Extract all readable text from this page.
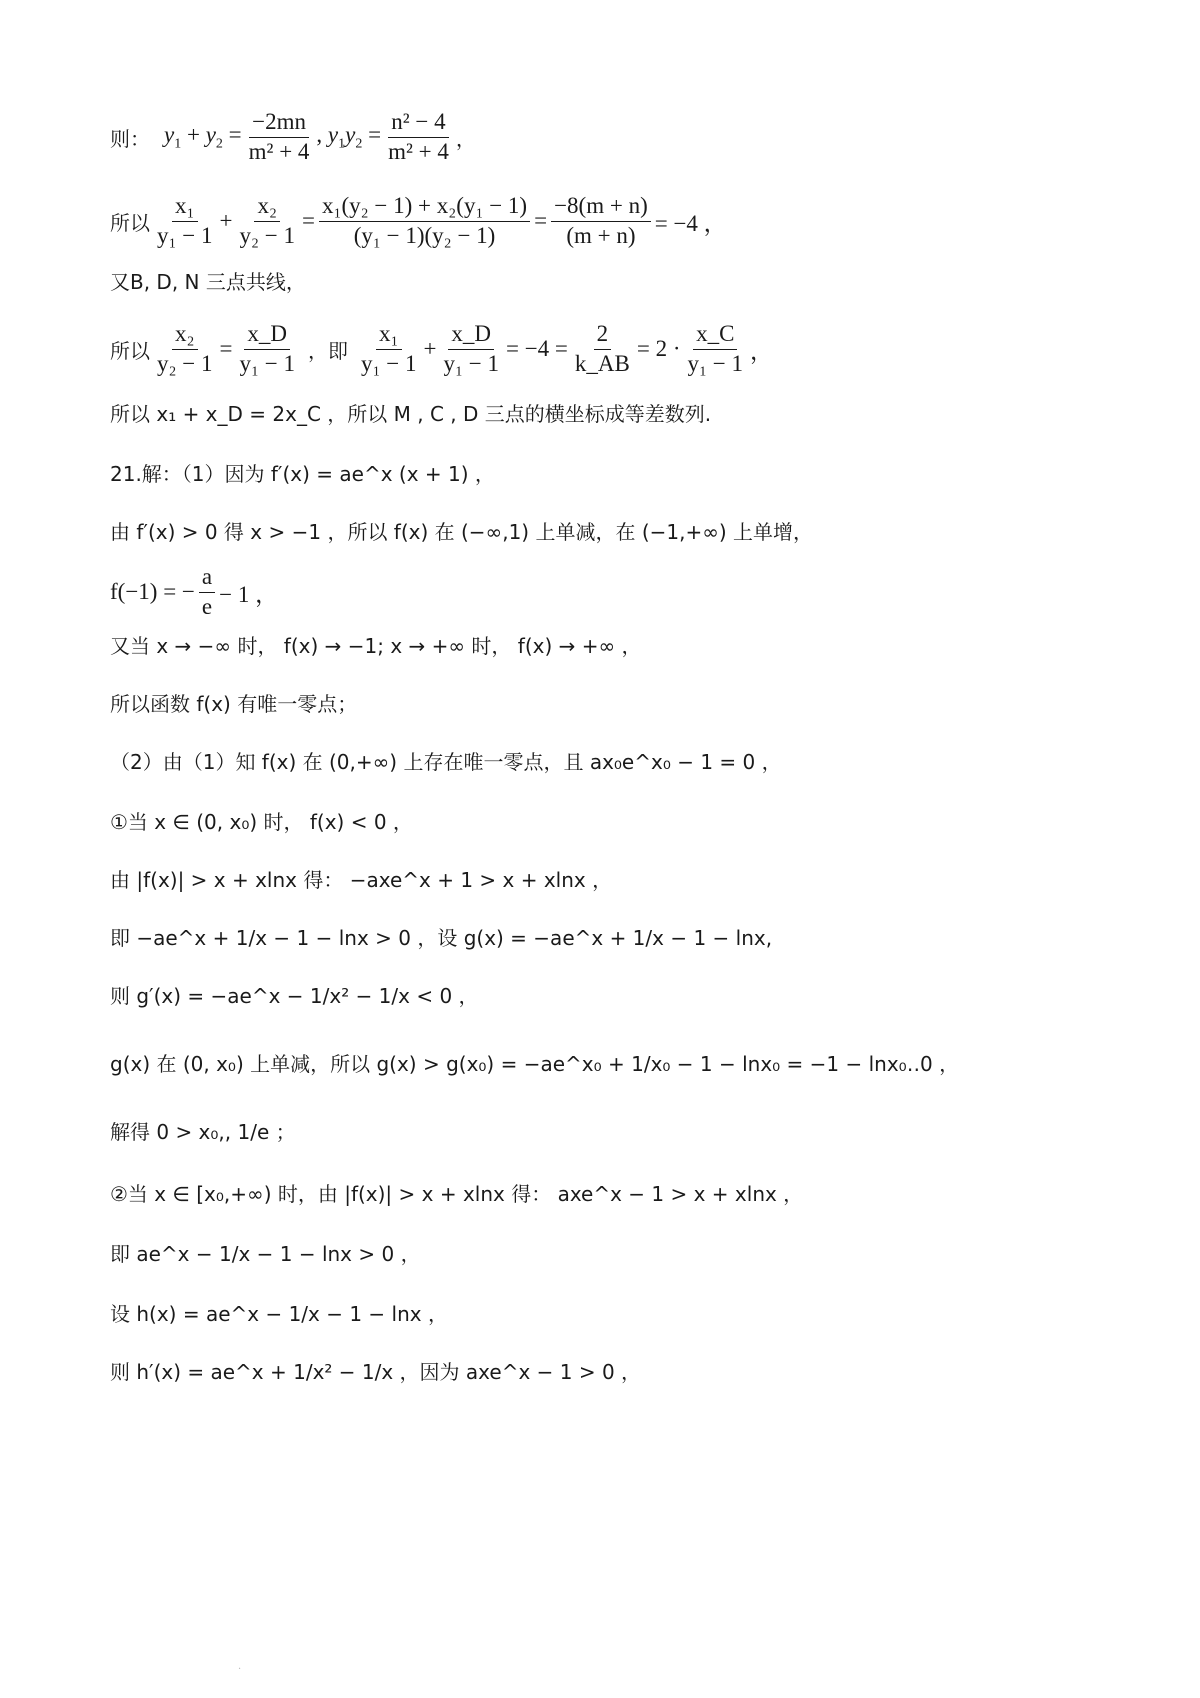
则： $y_1 + y_2 = \frac{-2mn}{\text{m² + 4}}$ , $y_1y_2 = \frac{\text{n² − 4}}{\text{m² + 4}}$ ，
所以 $\frac{\text{x₁}}{\text{y₁ − 1}} + \frac{\text{x₂}}{\text{y₂ − 1}} = \frac{\text{x₁(y₂ − 1) + x₂(y₁ − 1)}}{\text{(y₁ − 1)(y₂ − 1)}} = \frac{-8(m + n)}{(m + n)} = -4$ ，
又B, D, N 三点共线，
所以 $\frac{\text{x₂}}{\text{y₂ − 1}} = \frac{x\_D}{\text{y₁ − 1}}$ ，即 $\frac{\text{x₁}}{\text{y₁ − 1}} + \frac{x\_D}{\text{y₁ − 1}} = -4 = \frac{2}{k\_AB} = 2 \cdot \frac{x\_C}{\text{y₁ − 1}}$ ，
所以 x₁ + x_D = 2x_C ，所以 M , C , D 三点的横坐标成等差数列.
21.解：（1）因为 f′(x) = ae^x (x + 1) ，
由 f′(x) > 0 得 x > −1 ，所以 f(x) 在 (−∞,1) 上单减，在 (−1,+∞) 上单增，
f(−1) = − $\frac{a}{e} - 1$ ，
又当 x → −∞ 时， f(x) → −1; x → +∞ 时， f(x) → +∞ ，
所以函数 f(x) 有唯一零点；
（2）由（1）知 f(x) 在 (0,+∞) 上存在唯一零点，且 ax₀e^x₀ − 1 = 0 ，
①当 x ∈ (0, x₀) 时， f(x) < 0 ，
由 |f(x)| > x + xlnx 得： −axe^x + 1 > x + xlnx ，
即 −ae^x + 1/x − 1 − lnx > 0 ，设 g(x) = −ae^x + 1/x − 1 − lnx,
则 g′(x) = −ae^x − 1/x² − 1/x < 0 ，
g(x) 在 (0, x₀) 上单减，所以 g(x) > g(x₀) = −ae^x₀ + 1/x₀ − 1 − lnx₀ = −1 − lnx₀‥0 ，
解得 0 > x₀,, 1/e ；
②当 x ∈ [x₀,+∞) 时，由 |f(x)| > x + xlnx 得： axe^x − 1 > x + xlnx ，
即 ae^x − 1/x − 1 − lnx > 0 ，
设 h(x) = ae^x − 1/x − 1 − lnx ，
则 h′(x) = ae^x + 1/x² − 1/x ，因为 axe^x − 1 > 0 ，
·
